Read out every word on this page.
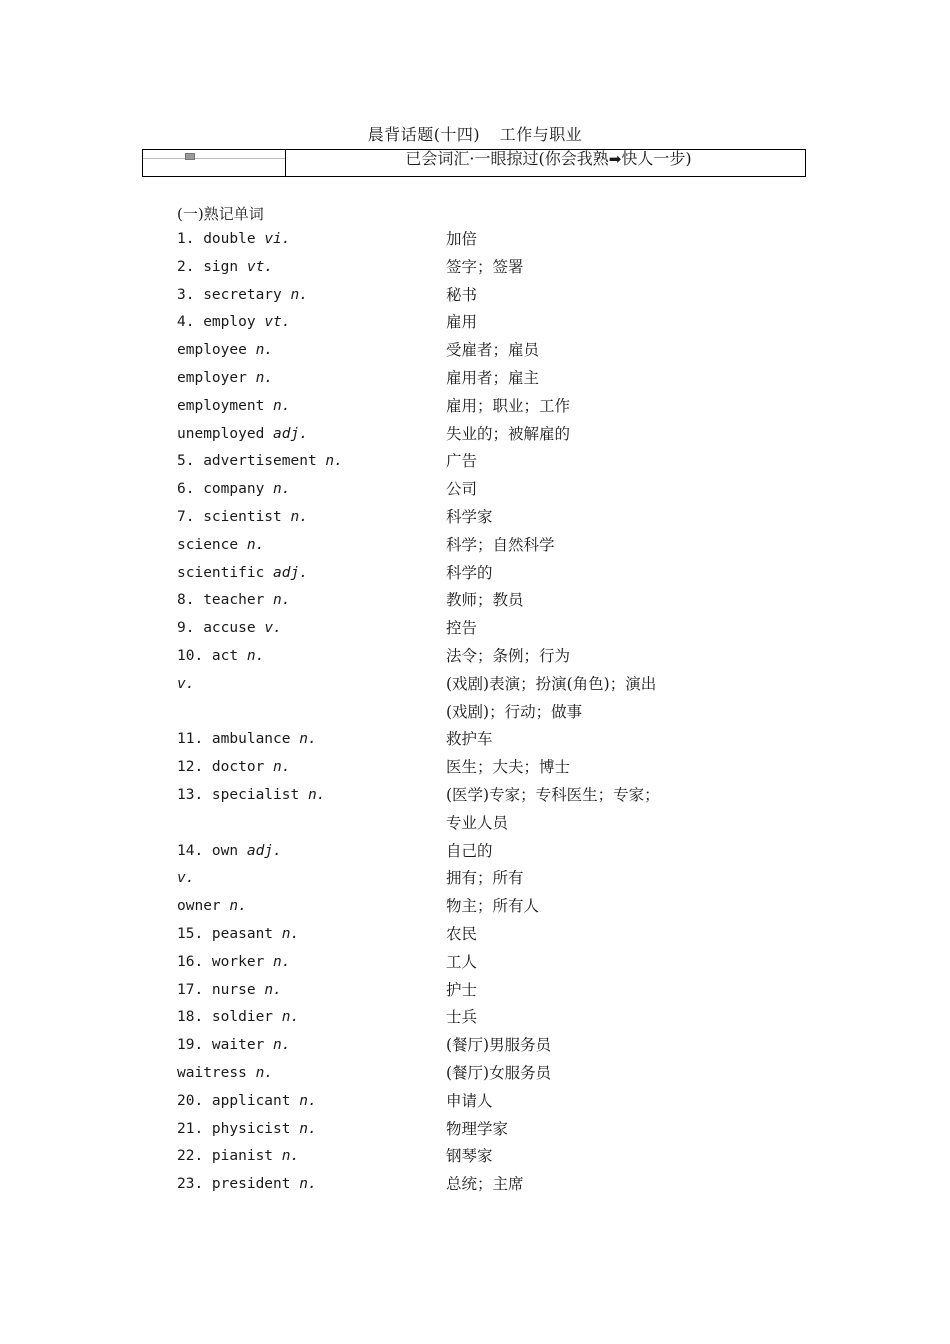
晨背话题(十四) 工作与职业
已会词汇·一眼掠过(你会我熟➡快人一步)
(一)熟记单词
1. double vi.	加倍
2. sign vt.	签字；签署
3. secretary n.	秘书
4. employ vt.	雇用
employee n.	受雇者；雇员
employer n.	雇用者；雇主
employment n.	雇用；职业；工作
unemployed adj.	失业的；被解雇的
5. advertisement n.	广告
6. company n.	公司
7. scientist n.	科学家
science n.	科学；自然科学
scientific adj.	科学的
8. teacher n.	教师；教员
9. accuse v.	控告
10. act n.	法令；条例；行为
v.	(戏剧)表演；扮演(角色)；演出
(戏剧)；行动；做事
11. ambulance n.	救护车
12. doctor n.	医生；大夫；博士
13. specialist n.	(医学)专家；专科医生；专家；
专业人员
14. own adj.	自己的
v.	拥有；所有
owner n.	物主；所有人
15. peasant n.	农民
16. worker n.	工人
17. nurse n.	护士
18. soldier n.	士兵
19. waiter n.	(餐厅)男服务员
waitress n.	(餐厅)女服务员
20. applicant n.	申请人
21. physicist n.	物理学家
22. pianist n.	钢琴家
23. president n.	总统；主席
